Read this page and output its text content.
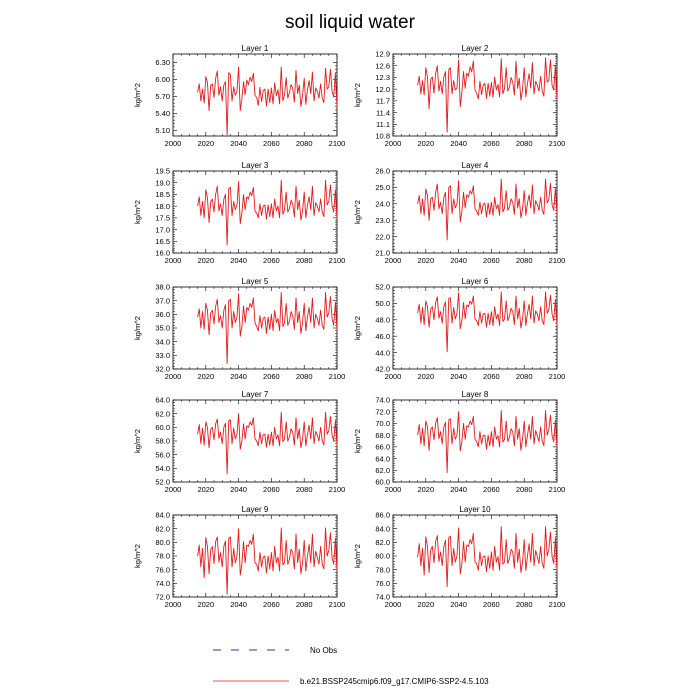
soil liquid water
Layer 1
2000 2020 2040 2060 2080 2100
5.10
5.40
5.70
6.00
6.30
kg/m^2
Layer 2
2000 2020 2040 2060 2080 2100
10.8
11.1
11.4
11.7
12.0
12.3
12.6
12.9
kg/m^2
Layer 3
2000 2020 2040 2060 2080 2100
16.0
16.5
17.0
17.5
18.0
18.5
19.0
19.5
kg/m^2
Layer 4
2000 2020 2040 2060 2080 2100
21.0
22.0
23.0
24.0
25.0
26.0
kg/m^2
Layer 5
2000 2020 2040 2060 2080 2100
32.0
33.0
34.0
35.0
36.0
37.0
38.0
kg/m^2
Layer 6
2000 2020 2040 2060 2080 2100
42.0
44.0
46.0
48.0
50.0
52.0
kg/m^2
Layer 7
2000 2020 2040 2060 2080 2100
52.0
54.0
56.0
58.0
60.0
62.0
64.0
kg/m^2
Layer 8
2000 2020 2040 2060 2080 2100
60.0
62.0
64.0
66.0
68.0
70.0
72.0
74.0
kg/m^2
Layer 9
2000 2020 2040 2060 2080 2100
72.0
74.0
76.0
78.0
80.0
82.0
84.0
kg/m^2
Layer 10
2000 2020 2040 2060 2080 2100
74.0
76.0
78.0
80.0
82.0
84.0
86.0
kg/m^2
No Obs
b.e21.BSSP245cmip6.f09_g17.CMIP6-SSP2-4.5.103
